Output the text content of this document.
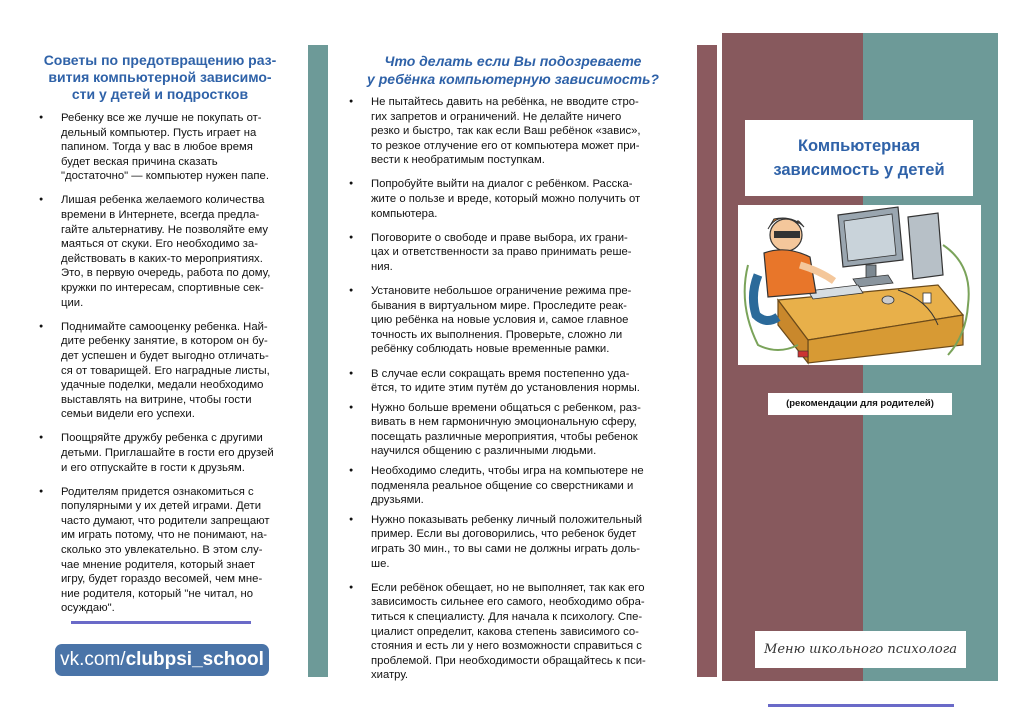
Советы по предотвращению раз-
вития компьютерной зависимо-
сти у детей и подростков
● Ребенку все же лучше не покупать от-
дельный компьютер. Пусть играет на
папином. Тогда у вас в любое время
будет веская причина сказать
"достаточно" — компьютер нужен папе.
● Лишая ребенка желаемого количества
времени в Интернете, всегда предла-
гайте альтернативу. Не позволяйте ему
маяться от скуки. Его необходимо за-
действовать в каких-то мероприятиях.
Это, в первую очередь, работа по дому,
кружки по интересам, спортивные сек-
ции.
● Поднимайте самооценку ребенка. Най-
дите ребенку занятие, в котором он бу-
дет успешен и будет выгодно отличать-
ся от товарищей. Его наградные листы,
удачные поделки, медали необходимо
выставлять на витрине, чтобы гости
семьи видели его успехи.
● Поощряйте дружбу ребенка с другими
детьми. Приглашайте в гости его друзей
и его отпускайте в гости к друзьям.
● Родителям придется ознакомиться с
популярными у их детей играми. Дети
часто думают, что родители запрещают
им играть потому, что не понимают, на-
сколько это увлекательно. В этом слу-
чае мнение родителя, который знает
игру, будет гораздо весомей, чем мне-
ние родителя, который "не читал, но
осуждаю".
vk.com/clubpsi_school
Что делать если Вы подозреваете
у ребёнка компьютерную зависимость?
● Не пытайтесь давить на ребёнка, не вводите стро-
гих запретов и ограничений. Не делайте ничего
резко и быстро, так как если Ваш ребёнок «завис»,
то резкое отлучение его от компьютера может при-
вести к необратимым поступкам.
● Попробуйте выйти на диалог с ребёнком. Расска-
жите о пользе и вреде, который можно получить от
компьютера.
● Поговорите о свободе и праве выбора, их грани-
цах и ответственности за право принимать реше-
ния.
● Установите небольшое ограничение режима пре-
бывания в виртуальном мире. Проследите реак-
цию ребёнка на новые условия и, самое главное
точность их выполнения. Проверьте, сложно ли
ребёнку соблюдать новые временные рамки.
● В случае если сокращать время постепенно уда-
ётся, то идите этим путём до установления нормы.
● Нужно больше времени общаться с ребенком, раз-
вивать в нем гармоничную эмоциональную сферу,
посещать различные мероприятия, чтобы ребенок
научился общению с различными людьми.
● Необходимо следить, чтобы игра на компьютере не
подменяла реальное общение со сверстниками и
друзьями.
● Нужно показывать ребенку личный положительный
пример. Если вы договорились, что ребенок будет
играть 30 мин., то вы сами не должны играть доль-
ше.
● Если ребёнок обещает, но не выполняет, так как его
зависимость сильнее его самого, необходимо обра-
титься к специалисту. Для начала к психологу. Спе-
циалист определит, какова степень зависимого со-
стояния и есть ли у него возможности справиться с
проблемой. При необходимости обращайтесь к пси-
хиатру.
Компьютерная
зависимость у детей
(рекомендации для родителей)
Меню школьного психолога
